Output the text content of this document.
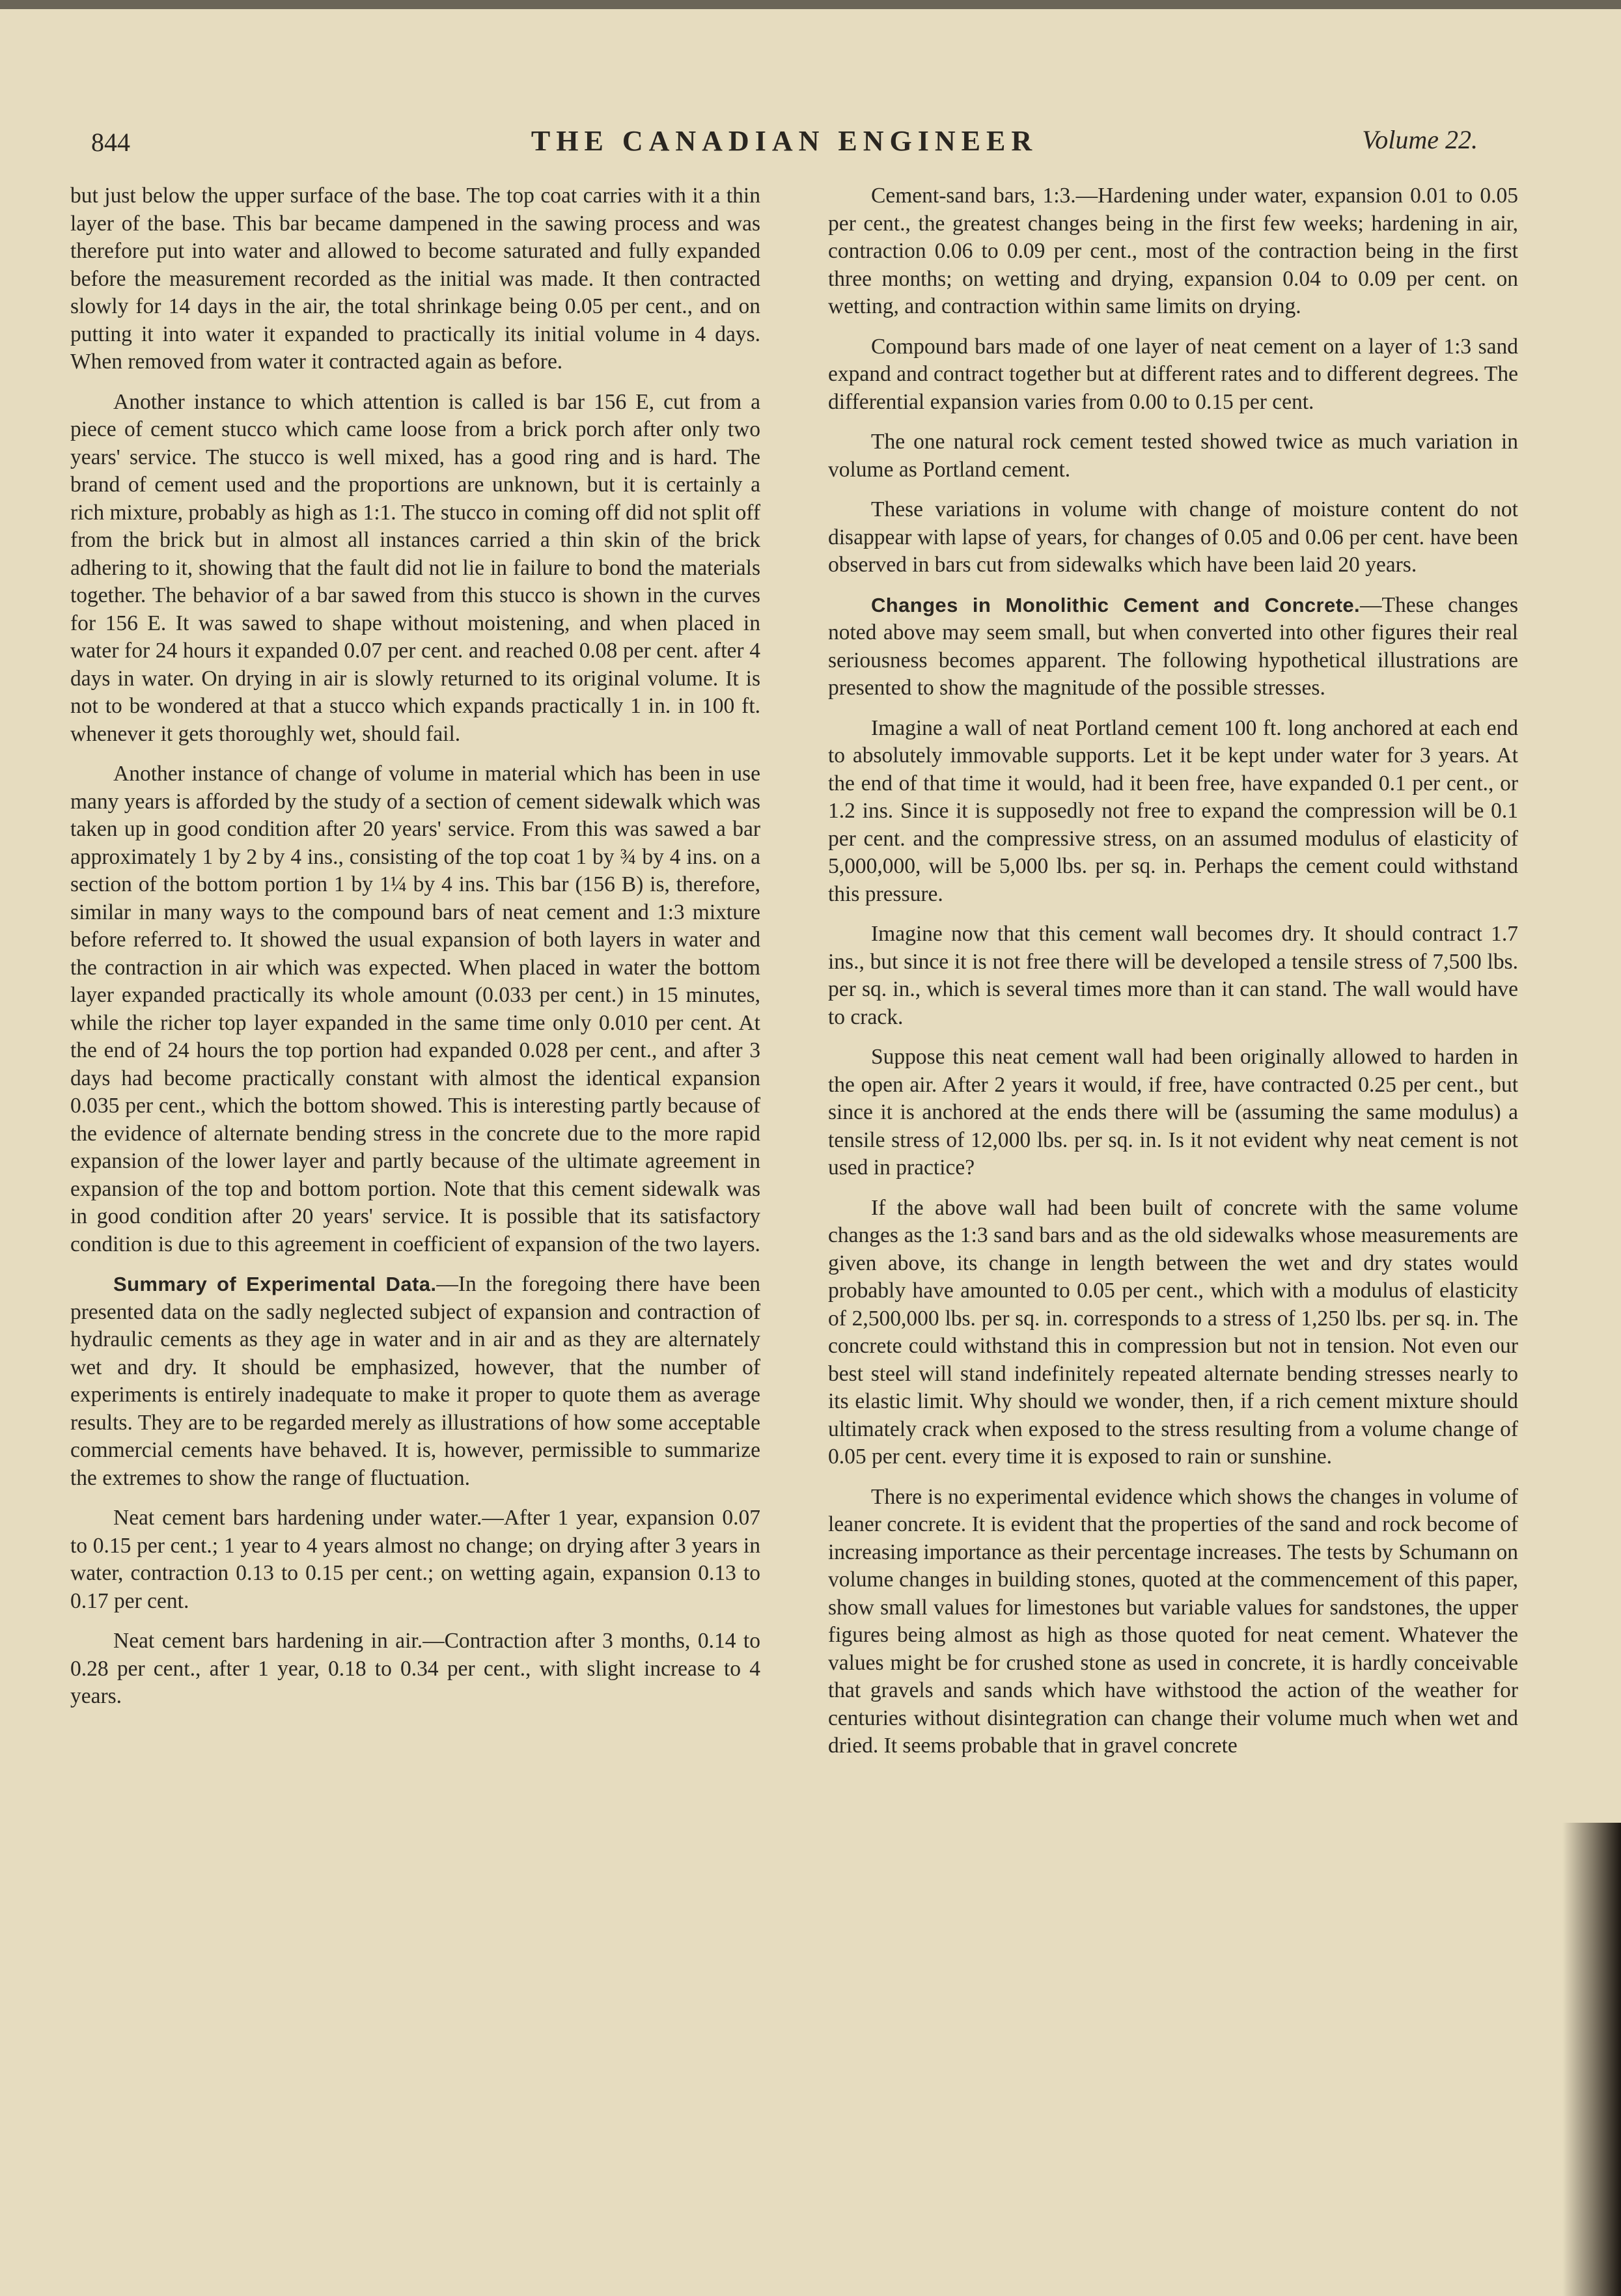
844	THE CANADIAN ENGINEER	Volume 22.

but just below the upper surface of the base. The top coat carries with it a thin layer of the base. This bar became dampened in the sawing process and was therefore put into water and allowed to become saturated and fully expanded before the measurement recorded as the initial was made. It then contracted slowly for 14 days in the air, the total shrinkage being 0.05 per cent., and on putting it into water it expanded to practically its initial volume in 4 days. When removed from water it contracted again as before.

Another instance to which attention is called is bar 156 E, cut from a piece of cement stucco which came loose from a brick porch after only two years' service. The stucco is well mixed, has a good ring and is hard. The brand of cement used and the proportions are unknown, but it is certainly a rich mixture, probably as high as 1:1. The stucco in coming off did not split off from the brick but in almost all instances carried a thin skin of the brick adhering to it, showing that the fault did not lie in failure to bond the materials together. The behavior of a bar sawed from this stucco is shown in the curves for 156 E. It was sawed to shape without moistening, and when placed in water for 24 hours it expanded 0.07 per cent. and reached 0.08 per cent. after 4 days in water. On drying in air is slowly returned to its original volume. It is not to be wondered at that a stucco which expands practically 1 in. in 100 ft. whenever it gets thoroughly wet, should fail.

Another instance of change of volume in material which has been in use many years is afforded by the study of a section of cement sidewalk which was taken up in good condition after 20 years' service. From this was sawed a bar approximately 1 by 2 by 4 ins., consisting of the top coat 1 by ¾ by 4 ins. on a section of the bottom portion 1 by 1¼ by 4 ins. This bar (156 B) is, therefore, similar in many ways to the compound bars of neat cement and 1:3 mixture before referred to. It showed the usual expansion of both layers in water and the contraction in air which was expected. When placed in water the bottom layer expanded practically its whole amount (0.033 per cent.) in 15 minutes, while the richer top layer expanded in the same time only 0.010 per cent. At the end of 24 hours the top portion had expanded 0.028 per cent., and after 3 days had become practically constant with almost the identical expansion 0.035 per cent., which the bottom showed. This is interesting partly because of the evidence of alternate bending stress in the concrete due to the more rapid expansion of the lower layer and partly because of the ultimate agreement in expansion of the top and bottom portion. Note that this cement sidewalk was in good condition after 20 years' service. It is possible that its satisfactory condition is due to this agreement in coefficient of expansion of the two layers.

Summary of Experimental Data.—In the foregoing there have been presented data on the sadly neglected subject of expansion and contraction of hydraulic cements as they age in water and in air and as they are alternately wet and dry. It should be emphasized, however, that the number of experiments is entirely inadequate to make it proper to quote them as average results. They are to be regarded merely as illustrations of how some acceptable commercial cements have behaved. It is, however, permissible to summarize the extremes to show the range of fluctuation.

Neat cement bars hardening under water.—After 1 year, expansion 0.07 to 0.15 per cent.; 1 year to 4 years almost no change; on drying after 3 years in water, contraction 0.13 to 0.15 per cent.; on wetting again, expansion 0.13 to 0.17 per cent.

Neat cement bars hardening in air.—Contraction after 3 months, 0.14 to 0.28 per cent., after 1 year, 0.18 to 0.34 per cent., with slight increase to 4 years.

Cement-sand bars, 1:3.—Hardening under water, expansion 0.01 to 0.05 per cent., the greatest changes being in the first few weeks; hardening in air, contraction 0.06 to 0.09 per cent., most of the contraction being in the first three months; on wetting and drying, expansion 0.04 to 0.09 per cent. on wetting, and contraction within same limits on drying.

Compound bars made of one layer of neat cement on a layer of 1:3 sand expand and contract together but at different rates and to different degrees. The differential expansion varies from 0.00 to 0.15 per cent.

The one natural rock cement tested showed twice as much variation in volume as Portland cement.

These variations in volume with change of moisture content do not disappear with lapse of years, for changes of 0.05 and 0.06 per cent. have been observed in bars cut from sidewalks which have been laid 20 years.

Changes in Monolithic Cement and Concrete.—These changes noted above may seem small, but when converted into other figures their real seriousness becomes apparent. The following hypothetical illustrations are presented to show the magnitude of the possible stresses.

Imagine a wall of neat Portland cement 100 ft. long anchored at each end to absolutely immovable supports. Let it be kept under water for 3 years. At the end of that time it would, had it been free, have expanded 0.1 per cent., or 1.2 ins. Since it is supposedly not free to expand the compression will be 0.1 per cent. and the compressive stress, on an assumed modulus of elasticity of 5,000,000, will be 5,000 lbs. per sq. in. Perhaps the cement could withstand this pressure.

Imagine now that this cement wall becomes dry. It should contract 1.7 ins., but since it is not free there will be developed a tensile stress of 7,500 lbs. per sq. in., which is several times more than it can stand. The wall would have to crack.

Suppose this neat cement wall had been originally allowed to harden in the open air. After 2 years it would, if free, have contracted 0.25 per cent., but since it is anchored at the ends there will be (assuming the same modulus) a tensile stress of 12,000 lbs. per sq. in. Is it not evident why neat cement is not used in practice?

If the above wall had been built of concrete with the same volume changes as the 1:3 sand bars and as the old sidewalks whose measurements are given above, its change in length between the wet and dry states would probably have amounted to 0.05 per cent., which with a modulus of elasticity of 2,500,000 lbs. per sq. in. corresponds to a stress of 1,250 lbs. per sq. in. The concrete could withstand this in compression but not in tension. Not even our best steel will stand indefinitely repeated alternate bending stresses nearly to its elastic limit. Why should we wonder, then, if a rich cement mixture should ultimately crack when exposed to the stress resulting from a volume change of 0.05 per cent. every time it is exposed to rain or sunshine.

There is no experimental evidence which shows the changes in volume of leaner concrete. It is evident that the properties of the sand and rock become of increasing importance as their percentage increases. The tests by Schumann on volume changes in building stones, quoted at the commencement of this paper, show small values for limestones but variable values for sandstones, the upper figures being almost as high as those quoted for neat cement. Whatever the values might be for crushed stone as used in concrete, it is hardly conceivable that gravels and sands which have withstood the action of the weather for centuries without disintegration can change their volume much when wet and dried. It seems probable that in gravel concrete
